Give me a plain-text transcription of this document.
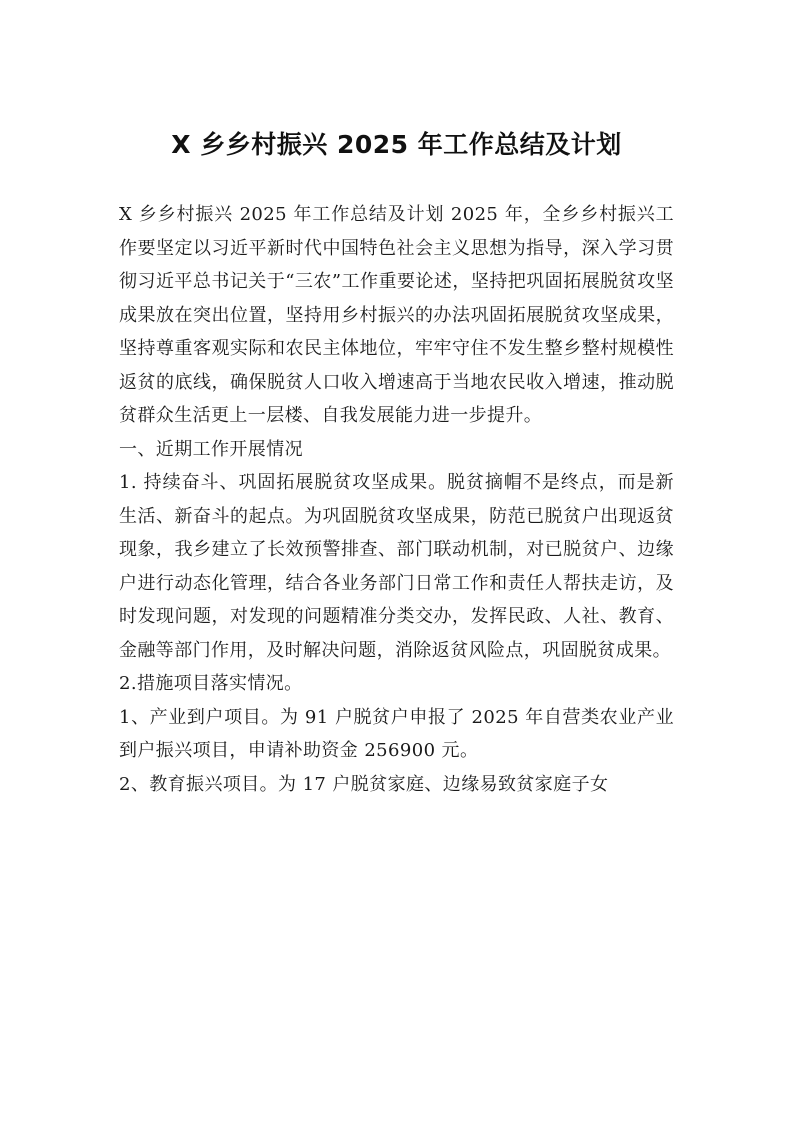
X 乡乡村振兴 2025 年工作总结及计划

X 乡乡村振兴 2025 年工作总结及计划 2025 年，全乡乡村振兴工作要坚定以习近平新时代中国特色社会主义思想为指导，深入学习贯彻习近平总书记关于“三农”工作重要论述，坚持把巩固拓展脱贫攻坚成果放在突出位置，坚持用乡村振兴的办法巩固拓展脱贫攻坚成果，坚持尊重客观实际和农民主体地位，牢牢守住不发生整乡整村规模性返贫的底线，确保脱贫人口收入增速高于当地农民收入增速，推动脱贫群众生活更上一层楼、自我发展能力进一步提升。

一、近期工作开展情况

1. 持续奋斗、巩固拓展脱贫攻坚成果。脱贫摘帽不是终点，而是新生活、新奋斗的起点。为巩固脱贫攻坚成果，防范已脱贫户出现返贫现象，我乡建立了长效预警排查、部门联动机制，对已脱贫户、边缘户进行动态化管理，结合各业务部门日常工作和责任人帮扶走访，及时发现问题，对发现的问题精准分类交办，发挥民政、人社、教育、金融等部门作用，及时解决问题，消除返贫风险点，巩固脱贫成果。

2.措施项目落实情况。

1、产业到户项目。为 91 户脱贫户申报了 2025 年自营类农业产业到户振兴项目，申请补助资金 256900 元。

2、教育振兴项目。为 17 户脱贫家庭、边缘易致贫家庭子女
